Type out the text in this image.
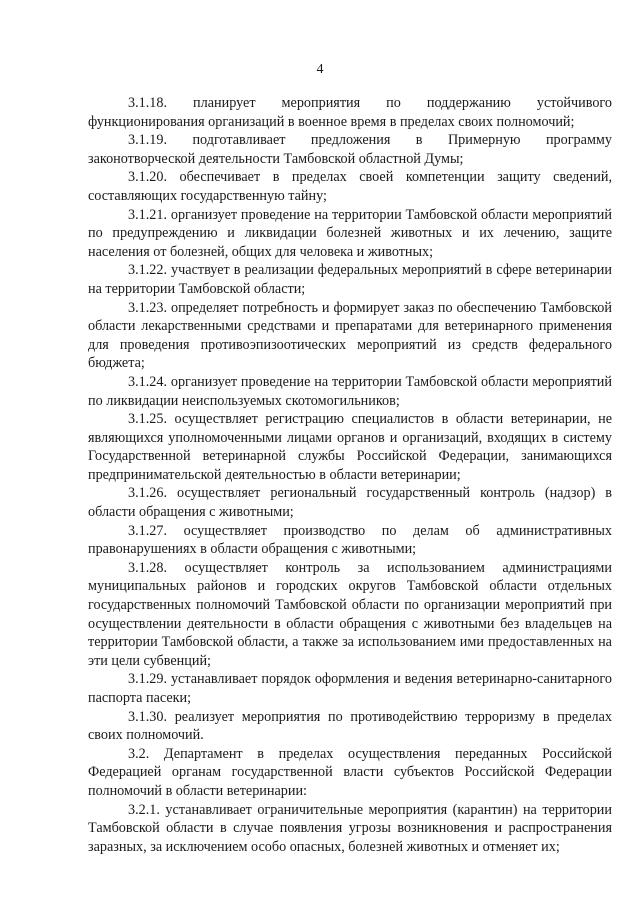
4

3.1.18. планирует мероприятия по поддержанию устойчивого функционирования организаций в военное время в пределах своих полномочий;

3.1.19. подготавливает предложения в Примерную программу законотворческой деятельности Тамбовской областной Думы;

3.1.20. обеспечивает в пределах своей компетенции защиту сведений, составляющих государственную тайну;

3.1.21. организует проведение на территории Тамбовской области мероприятий по предупреждению и ликвидации болезней животных и их лечению, защите населения от болезней, общих для человека и животных;

3.1.22. участвует в реализации федеральных мероприятий в сфере ветеринарии на территории Тамбовской области;

3.1.23. определяет потребность и формирует заказ по обеспечению Тамбовской области лекарственными средствами и препаратами для ветеринарного применения для проведения противоэпизоотических мероприятий из средств федерального бюджета;

3.1.24. организует проведение на территории Тамбовской области мероприятий по ликвидации неиспользуемых скотомогильников;

3.1.25. осуществляет регистрацию специалистов в области ветеринарии, не являющихся уполномоченными лицами органов и организаций, входящих в систему Государственной ветеринарной службы Российской Федерации, занимающихся предпринимательской деятельностью в области ветеринарии;

3.1.26. осуществляет региональный государственный контроль (надзор) в области обращения с животными;

3.1.27. осуществляет производство по делам об административных правонарушениях в области обращения с животными;

3.1.28. осуществляет контроль за использованием администрациями муниципальных районов и городских округов Тамбовской области отдельных государственных полномочий Тамбовской области по организации мероприятий при осуществлении деятельности в области обращения с животными без владельцев на территории Тамбовской области, а также за использованием ими предоставленных на эти цели субвенций;

3.1.29. устанавливает порядок оформления и ведения ветеринарно-санитарного паспорта пасеки;

3.1.30. реализует мероприятия по противодействию терроризму в пределах своих полномочий.

3.2. Департамент в пределах осуществления переданных Российской Федерацией органам государственной власти субъектов Российской Федерации полномочий в области ветеринарии:

3.2.1. устанавливает ограничительные мероприятия (карантин) на территории Тамбовской области в случае появления угрозы возникновения и распространения заразных, за исключением особо опасных, болезней животных и отменяет их;
